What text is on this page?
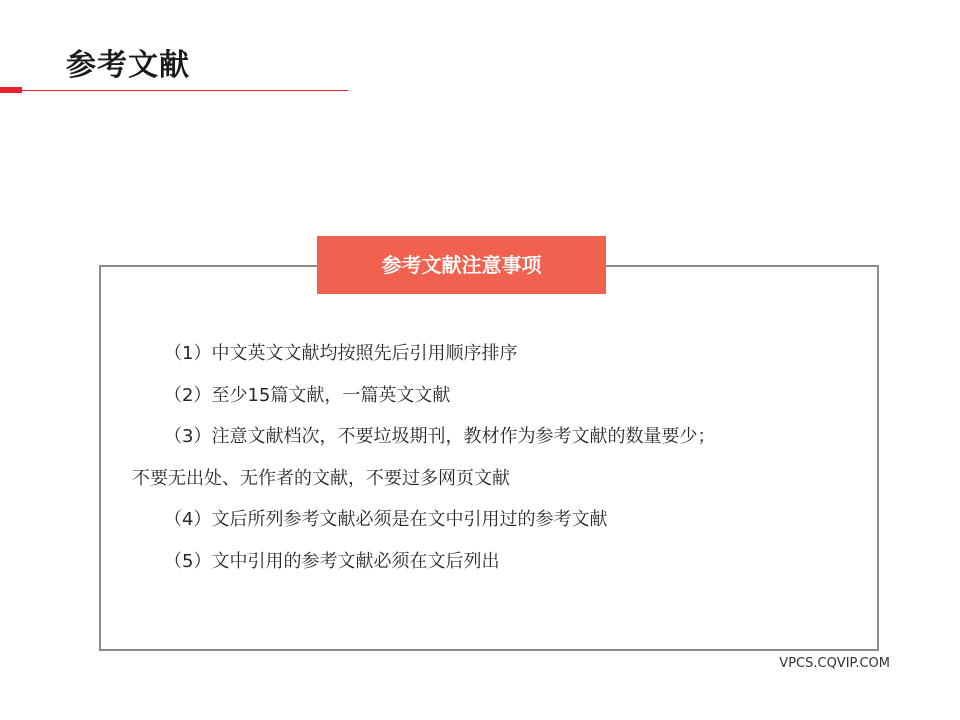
参考文献
参考文献注意事项
（1）中文英文文献均按照先后引用顺序排序
（2）至少15篇文献，一篇英文文献
（3）注意文献档次，不要垃圾期刊，教材作为参考文献的数量要少；
不要无出处、无作者的文献，不要过多网页文献
（4）文后所列参考文献必须是在文中引用过的参考文献
（5）文中引用的参考文献必须在文后列出
VPCS.CQVIP.COM
